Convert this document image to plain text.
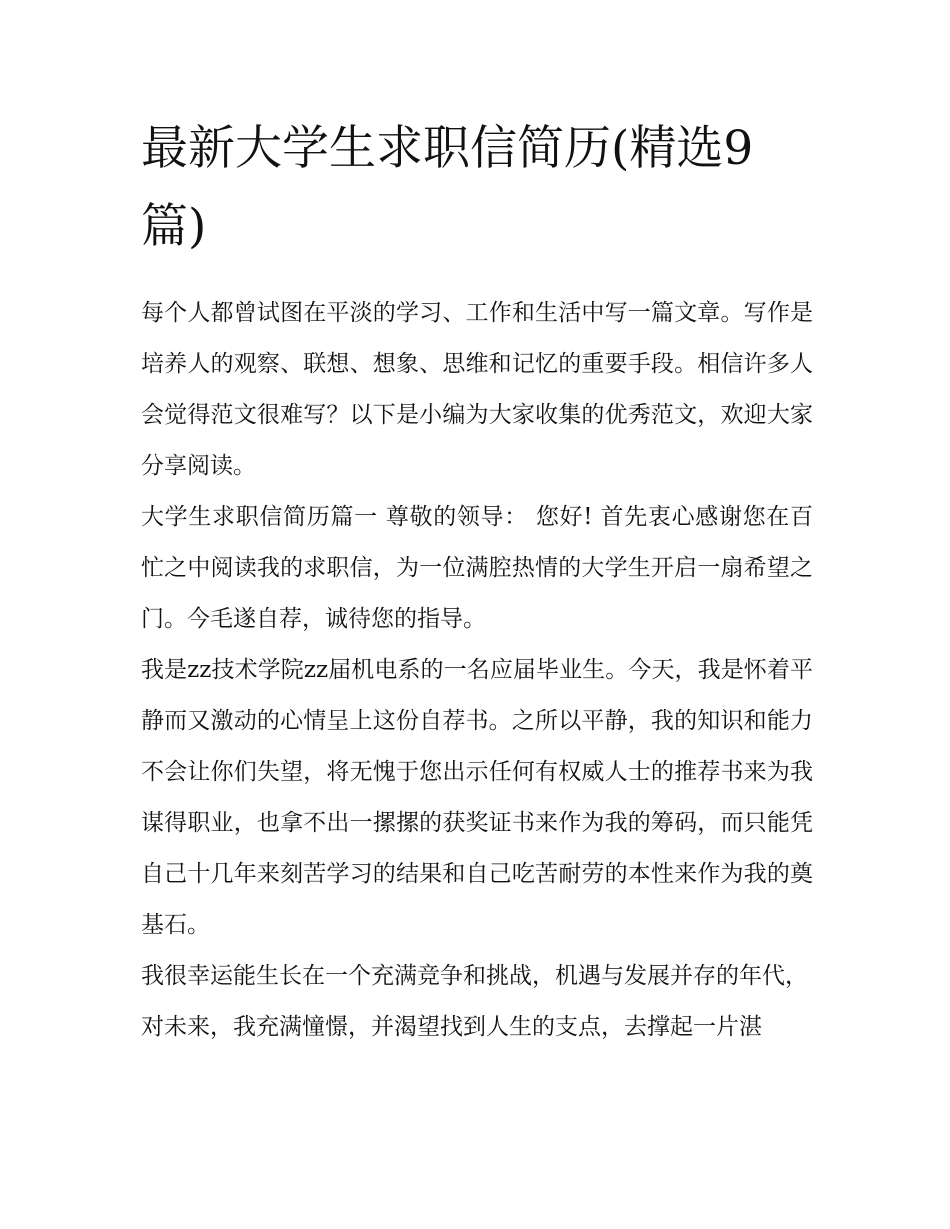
最新大学生求职信简历(精选9篇)

每个人都曾试图在平淡的学习、工作和生活中写一篇文章。写作是培养人的观察、联想、想象、思维和记忆的重要手段。相信许多人会觉得范文很难写？以下是小编为大家收集的优秀范文，欢迎大家分享阅读。

大学生求职信简历篇一 尊敬的领导： 您好! 首先衷心感谢您在百忙之中阅读我的求职信，为一位满腔热情的大学生开启一扇希望之门。今毛遂自荐，诚待您的指导。

我是zz技术学院zz届机电系的一名应届毕业生。今天，我是怀着平静而又激动的心情呈上这份自荐书。之所以平静，我的知识和能力不会让你们失望，将无愧于您出示任何有权威人士的推荐书来为我谋得职业，也拿不出一摞摞的获奖证书来作为我的筹码，而只能凭自己十几年来刻苦学习的结果和自己吃苦耐劳的本性来作为我的奠基石。

我很幸运能生长在一个充满竞争和挑战，机遇与发展并存的年代，

对未来，我充满憧憬，并渴望找到人生的支点，去撑起一片湛
